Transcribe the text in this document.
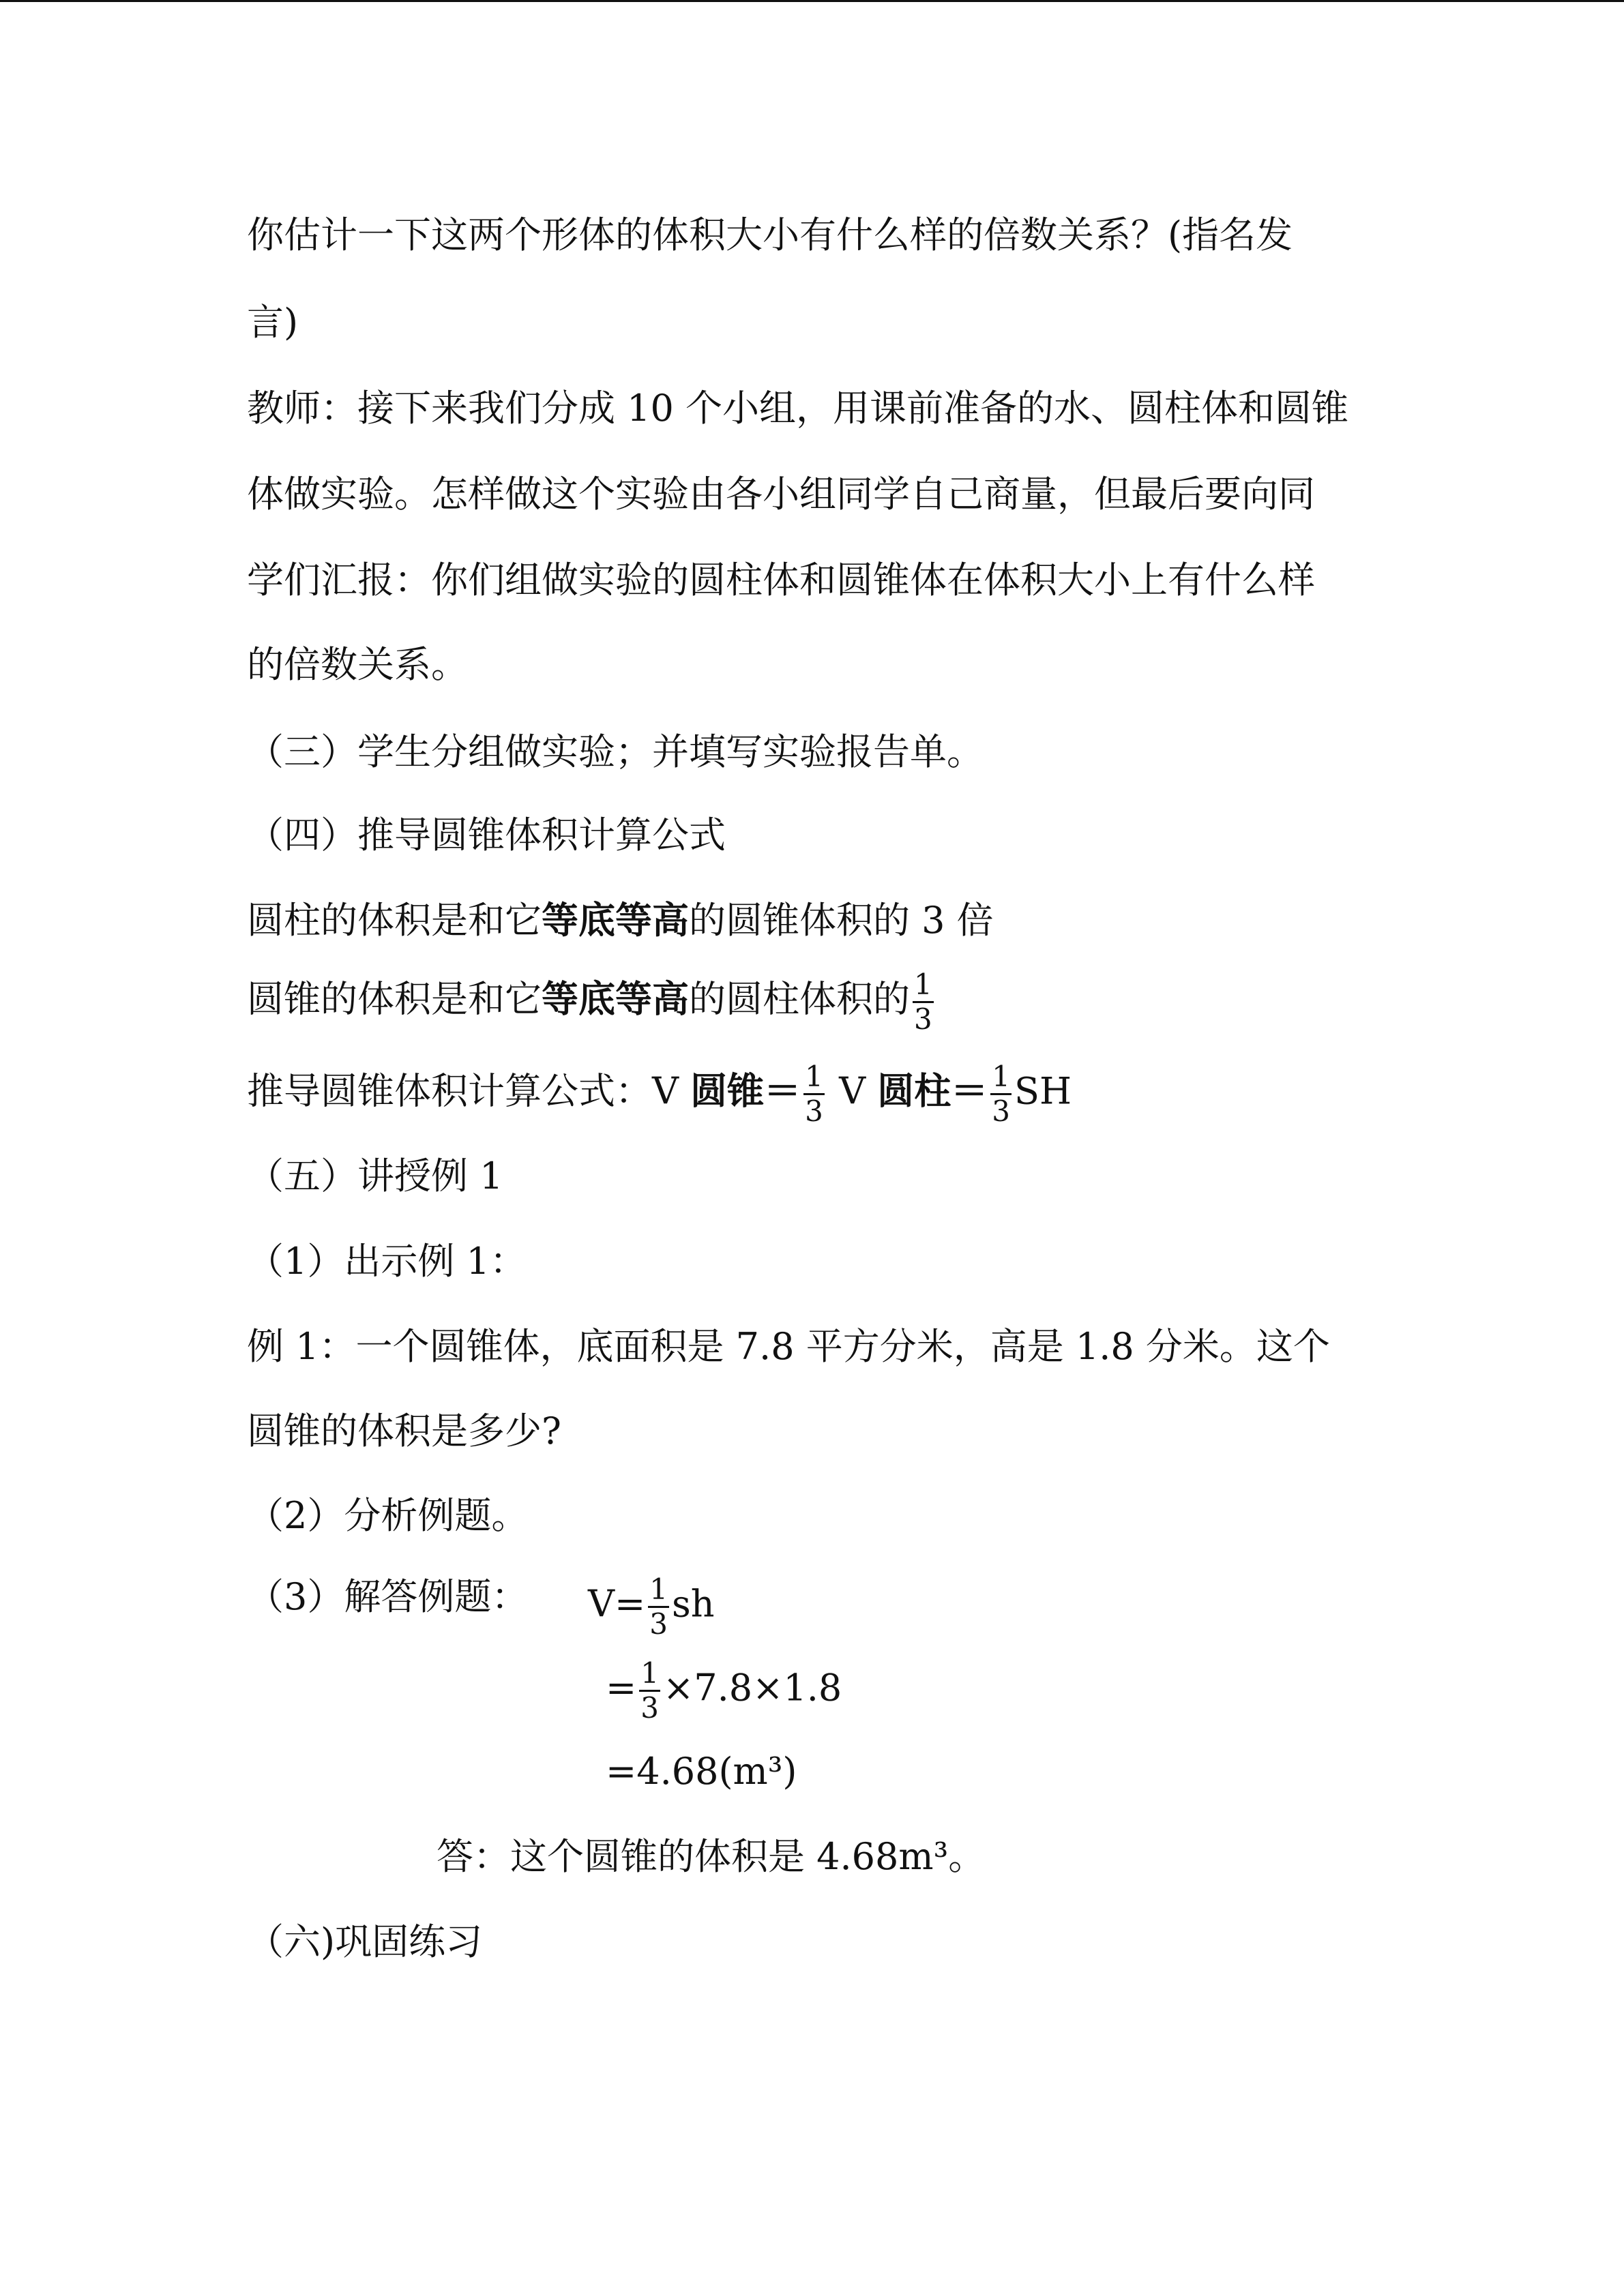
你估计一下这两个形体的体积大小有什么样的倍数关系？(指名发
言)
教师：接下来我们分成 10 个小组，用课前准备的水、圆柱体和圆锥
体做实验。怎样做这个实验由各小组同学自己商量，但最后要向同
学们汇报：你们组做实验的圆柱体和圆锥体在体积大小上有什么样
的倍数关系。
（三）学生分组做实验；并填写实验报告单。
（四）推导圆锥体积计算公式
圆柱的体积是和它等底等高的圆锥体积的 3 倍
圆锥的体积是和它等底等高的圆柱体积的 $\frac{1}{3}$
推导圆锥体积计算公式：V 圆锥＝ $\frac{1}{3}$ V 圆柱＝ $\frac{1}{3}$ SH
（五）讲授例 1
（1）出示例 1：
例 1：一个圆锥体，底面积是 7.8 平方分米，高是 1.8 分米。这个
圆锥的体积是多少?
（2）分析例题。
（3）解答例题： $V= \frac{1}{3}$ sh
= $\frac{1}{3} \times 7.8\times 1.8$
=4.68(m³)
答：这个圆锥的体积是 4.68m³。
（六)巩固练习
